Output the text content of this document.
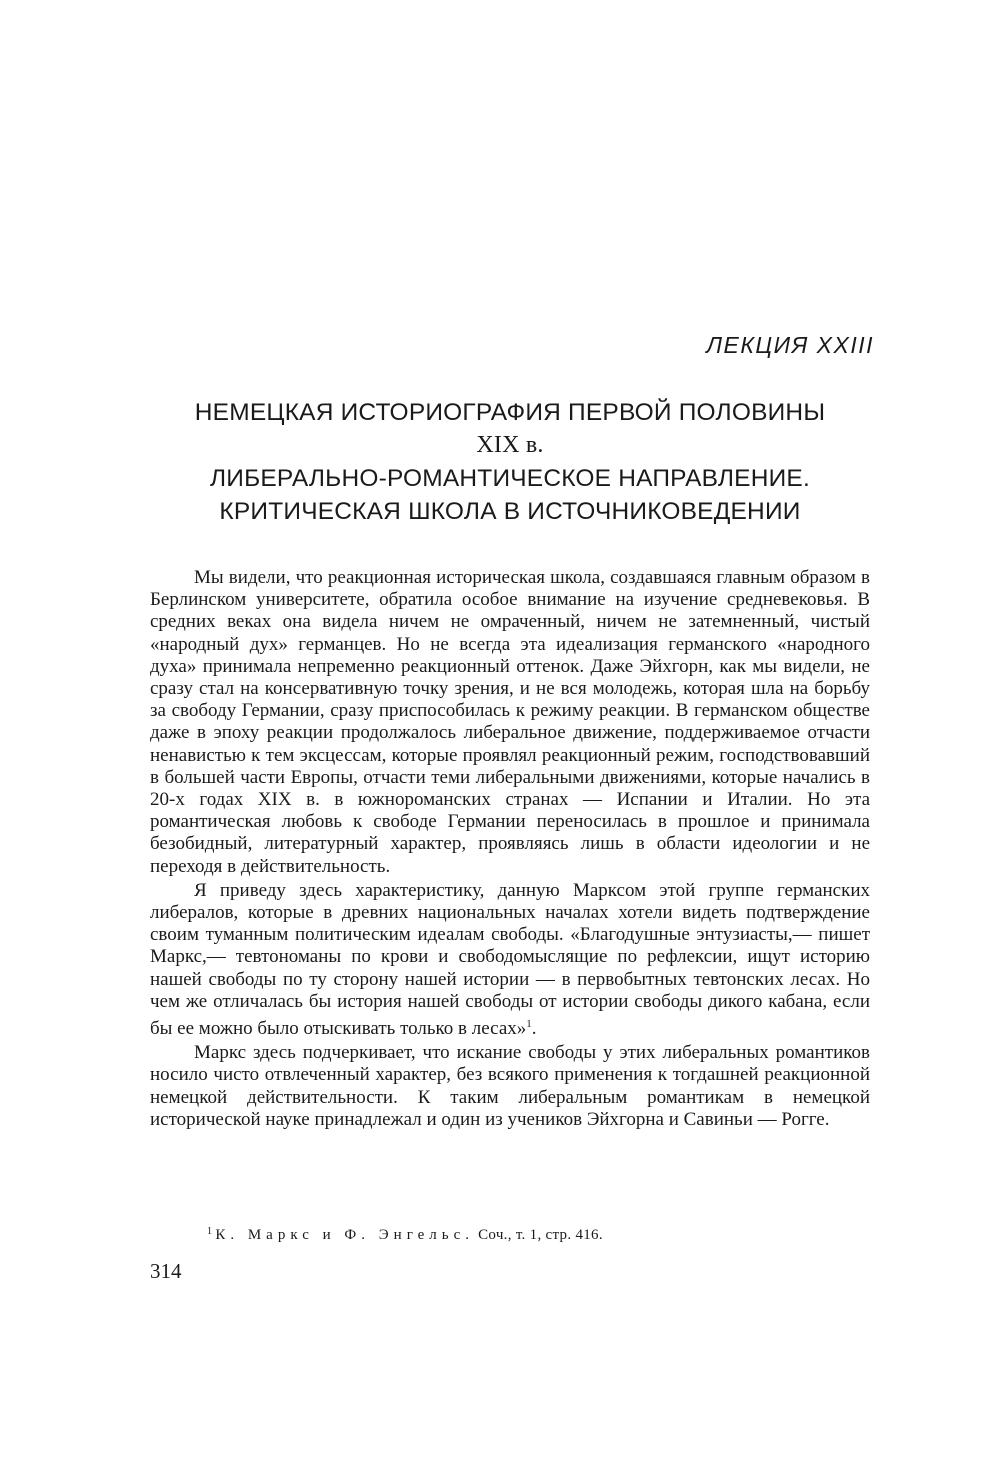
ЛЕКЦИЯ XXIII
НЕМЕЦКАЯ ИСТОРИОГРАФИЯ ПЕРВОЙ ПОЛОВИНЫ
XIX в.
ЛИБЕРАЛЬНО-РОМАНТИЧЕСКОЕ НАПРАВЛЕНИЕ.
КРИТИЧЕСКАЯ ШКОЛА В ИСТОЧНИКОВЕДЕНИИ

Мы видели, что реакционная историческая школа, создавшаяся главным образом в Берлинском университете, обратила особое внимание на изучение средневековья. В средних веках она видела ничем не омраченный, ничем не затемненный, чистый «народный дух» германцев. Но не всегда эта идеализация германского «народного духа» принимала непременно реакционный оттенок. Даже Эйхгорн, как мы видели, не сразу стал на консервативную точку зрения, и не вся молодежь, которая шла на борьбу за свободу Германии, сразу приспособилась к режиму реакции. В германском обществе даже в эпоху реакции продолжалось либеральное движение, поддерживаемое отчасти ненавистью к тем эксцессам, которые проявлял реакционный режим, господствовавший в большей части Европы, отчасти теми либеральными движениями, которые начались в 20-х годах XIX в. в южнороманских странах — Испании и Италии. Но эта романтическая любовь к свободе Германии переносилась в прошлое и принимала безобидный, литературный характер, проявляясь лишь в области идеологии и не переходя в действительность.

Я приведу здесь характеристику, данную Марксом этой группе германских либералов, которые в древних национальных началах хотели видеть подтверждение своим туманным политическим идеалам свободы. «Благодушные энтузиасты,— пишет Маркс,— тевтономаны по крови и свободомыслящие по рефлексии, ищут историю нашей свободы по ту сторону нашей истории — в первобытных тевтонских лесах. Но чем же отличалась бы история нашей свободы от истории свободы дикого кабана, если бы ее можно было отыскивать только в лесах»$^1$.

Маркс здесь подчеркивает, что искание свободы у этих либеральных романтиков носило чисто отвлеченный характер, без всякого применения к тогдашней реакционной немецкой действительности. К таким либеральным романтикам в немецкой исторической науке принадлежал и один из учеников Эйхгорна и Савиньи — Рогге.

$^1$ К. Маркс и Ф. Энгельс. Соч., т. 1, стр. 416.
314
